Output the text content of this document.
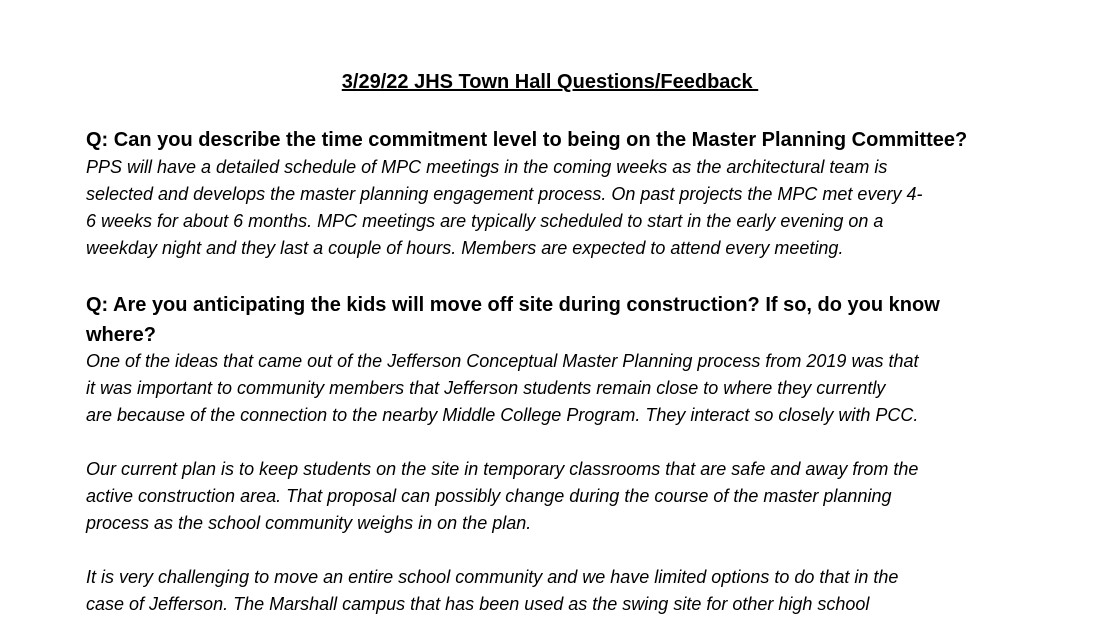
3/29/22 JHS Town Hall Questions/Feedback

Q: Can you describe the time commitment level to being on the Master Planning Committee?

PPS will have a detailed schedule of MPC meetings in the coming weeks as the architectural team is
selected and develops the master planning engagement process. On past projects the MPC met every 4-
6 weeks for about 6 months. MPC meetings are typically scheduled to start in the early evening on a
weekday night and they last a couple of hours. Members are expected to attend every meeting.

Q: Are you anticipating the kids will move off site during construction? If so, do you know
where?

One of the ideas that came out of the Jefferson Conceptual Master Planning process from 2019 was that
it was important to community members that Jefferson students remain close to where they currently
are because of the connection to the nearby Middle College Program. They interact so closely with PCC.

Our current plan is to keep students on the site in temporary classrooms that are safe and away from the
active construction area. That proposal can possibly change during the course of the master planning
process as the school community weighs in on the plan.

It is very challenging to move an entire school community and we have limited options to do that in the
case of Jefferson. The Marshall campus that has been used as the swing site for other high school
